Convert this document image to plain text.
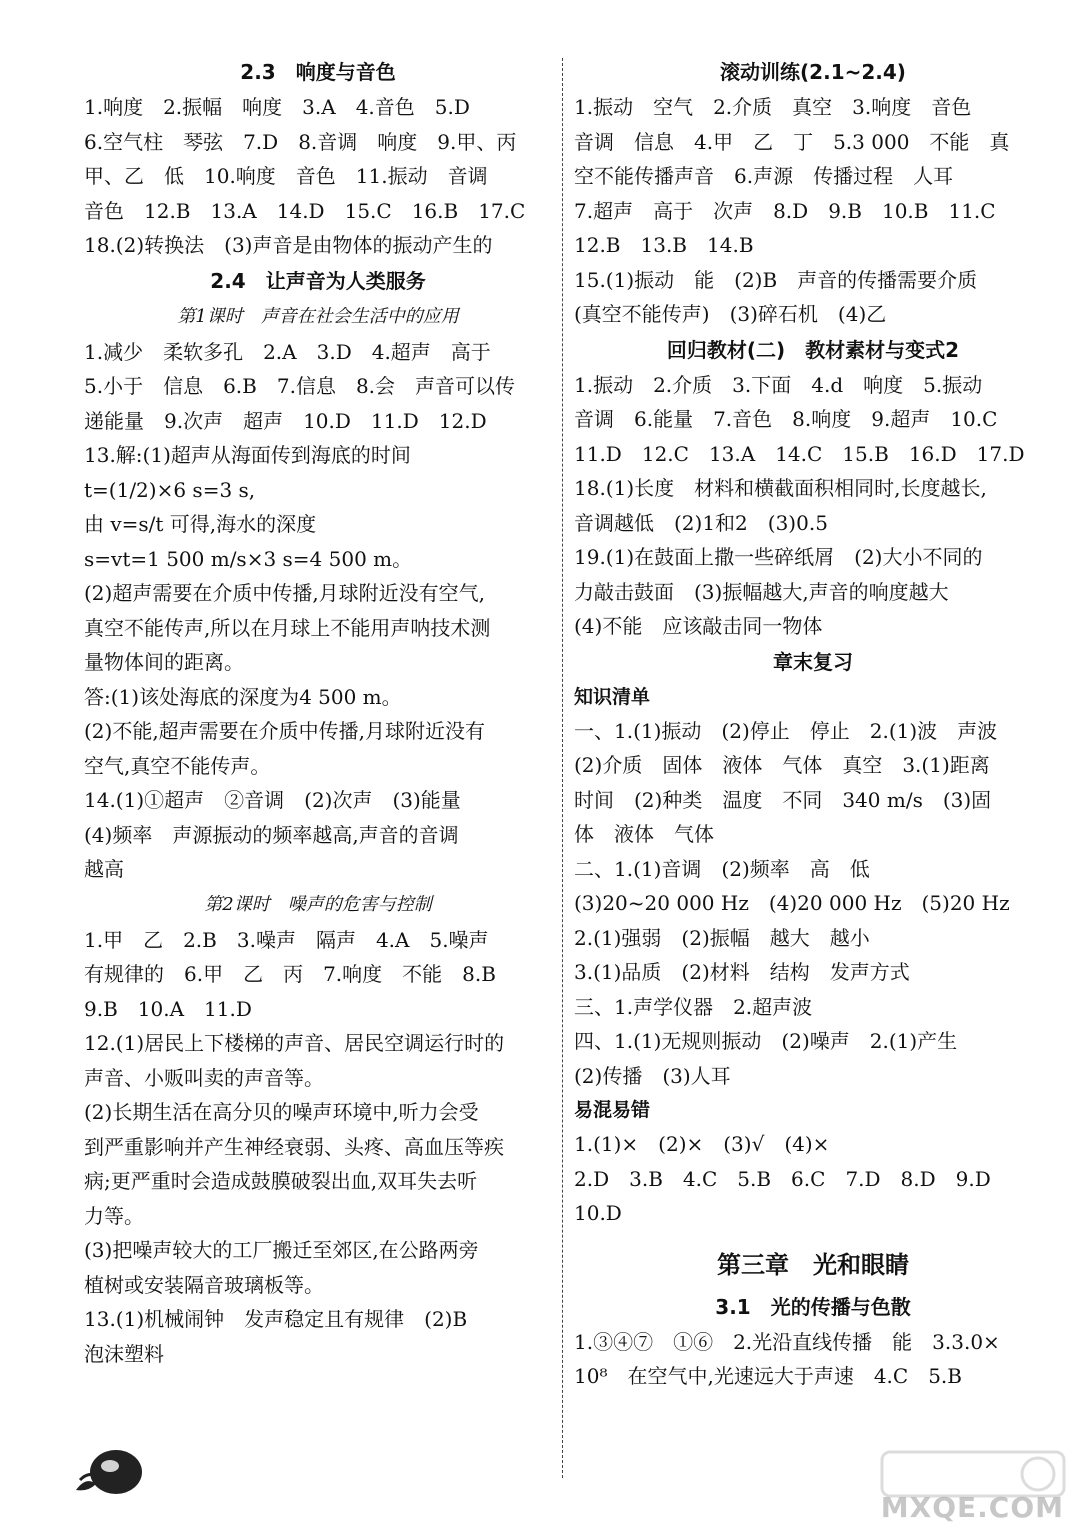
2.3　响度与音色
1.响度　2.振幅　响度　3.A　4.音色　5.D
6.空气柱　琴弦　7.D　8.音调　响度　9.甲、丙
甲、乙　低　10.响度　音色　11.振动　音调
音色　12.B　13.A　14.D　15.C　16.B　17.C
18.(2)转换法　(3)声音是由物体的振动产生的
2.4　让声音为人类服务
第1课时　声音在社会生活中的应用
1.减少　柔软多孔　2.A　3.D　4.超声　高于
5.小于　信息　6.B　7.信息　8.会　声音可以传
递能量　9.次声　超声　10.D　11.D　12.D
13.解:(1)超声从海面传到海底的时间
t=(1/2)×6 s=3 s,
由 v=s/t 可得,海水的深度
s=vt=1 500 m/s×3 s=4 500 m。
(2)超声需要在介质中传播,月球附近没有空气,
真空不能传声,所以在月球上不能用声呐技术测
量物体间的距离。
答:(1)该处海底的深度为4 500 m。
(2)不能,超声需要在介质中传播,月球附近没有
空气,真空不能传声。
14.(1)①超声　②音调　(2)次声　(3)能量
(4)频率　声源振动的频率越高,声音的音调
越高
第2课时　噪声的危害与控制
1.甲　乙　2.B　3.噪声　隔声　4.A　5.噪声
有规律的　6.甲　乙　丙　7.响度　不能　8.B
9.B　10.A　11.D
12.(1)居民上下楼梯的声音、居民空调运行时的
声音、小贩叫卖的声音等。
(2)长期生活在高分贝的噪声环境中,听力会受
到严重影响并产生神经衰弱、头疼、高血压等疾
病;更严重时会造成鼓膜破裂出血,双耳失去听
力等。
(3)把噪声较大的工厂搬迁至郊区,在公路两旁
植树或安装隔音玻璃板等。
13.(1)机械闹钟　发声稳定且有规律　(2)B
泡沫塑料
滚动训练(2.1~2.4)
1.振动　空气　2.介质　真空　3.响度　音色
音调　信息　4.甲　乙　丁　5.3 000　不能　真
空不能传播声音　6.声源　传播过程　人耳
7.超声　高于　次声　8.D　9.B　10.B　11.C
12.B　13.B　14.B
15.(1)振动　能　(2)B　声音的传播需要介质
(真空不能传声)　(3)碎石机　(4)乙
回归教材(二)　教材素材与变式2
1.振动　2.介质　3.下面　4.d　响度　5.振动
音调　6.能量　7.音色　8.响度　9.超声　10.C
11.D　12.C　13.A　14.C　15.B　16.D　17.D
18.(1)长度　材料和横截面积相同时,长度越长,
音调越低　(2)1和2　(3)0.5
19.(1)在鼓面上撒一些碎纸屑　(2)大小不同的
力敲击鼓面　(3)振幅越大,声音的响度越大
(4)不能　应该敲击同一物体
章末复习
知识清单
一、1.(1)振动　(2)停止　停止　2.(1)波　声波
(2)介质　固体　液体　气体　真空　3.(1)距离
时间　(2)种类　温度　不同　340 m/s　(3)固
体　液体　气体
二、1.(1)音调　(2)频率　高　低
(3)20~20 000 Hz　(4)20 000 Hz　(5)20 Hz
2.(1)强弱　(2)振幅　越大　越小
3.(1)品质　(2)材料　结构　发声方式
三、1.声学仪器　2.超声波
四、1.(1)无规则振动　(2)噪声　2.(1)产生
(2)传播　(3)人耳
易混易错
1.(1)×　(2)×　(3)√　(4)×
2.D　3.B　4.C　5.B　6.C　7.D　8.D　9.D
10.D
第三章　光和眼睛
3.1　光的传播与色散
1.③④⑦　①⑥　2.光沿直线传播　能　3.3.0×
10⁸　在空气中,光速远大于声速　4.C　5.B
MXQE.COM
